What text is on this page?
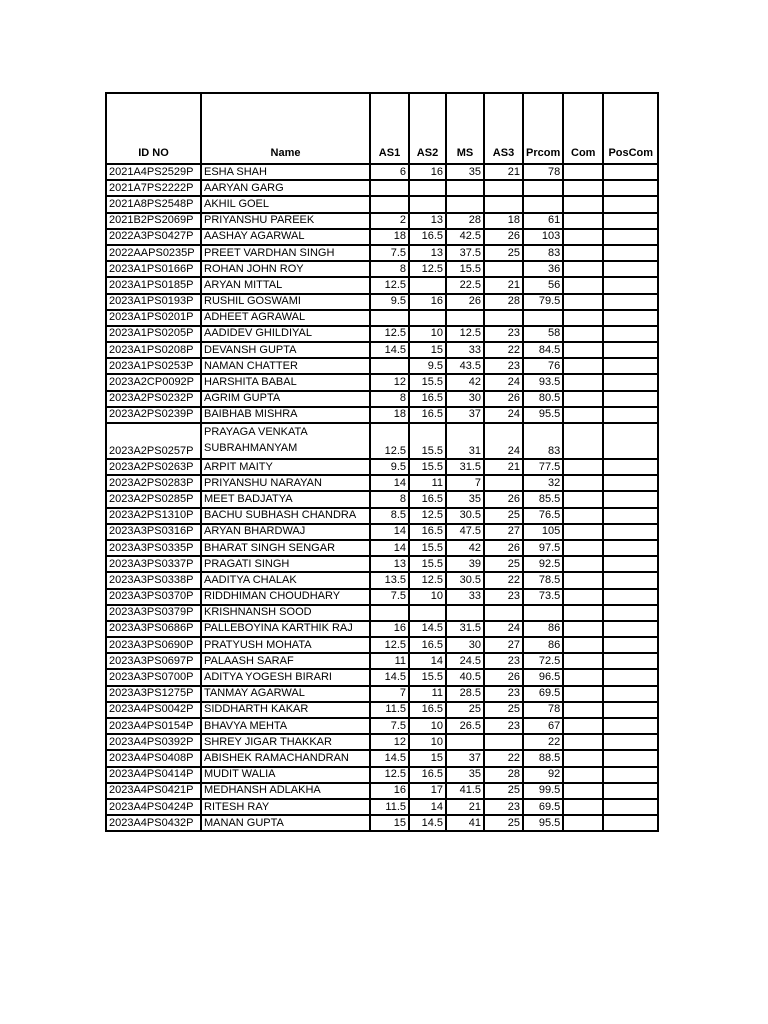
ID NO	Name	AS1	AS2	MS	AS3	Prcom	Com	PosCom
2021A4PS2529P	ESHA SHAH	6	16	35	21	78		
2021A7PS2222P	AARYAN GARG							
2021A8PS2548P	AKHIL GOEL							
2021B2PS2069P	PRIYANSHU PAREEK	2	13	28	18	61		
2022A3PS0427P	AASHAY AGARWAL	18	16.5	42.5	26	103		
2022AAPS0235P	PREET VARDHAN SINGH	7.5	13	37.5	25	83		
2023A1PS0166P	ROHAN JOHN ROY	8	12.5	15.5		36		
2023A1PS0185P	ARYAN MITTAL	12.5		22.5	21	56		
2023A1PS0193P	RUSHIL GOSWAMI	9.5	16	26	28	79.5		
2023A1PS0201P	ADHEET AGRAWAL							
2023A1PS0205P	AADIDEV GHILDIYAL	12.5	10	12.5	23	58		
2023A1PS0208P	DEVANSH GUPTA	14.5	15	33	22	84.5		
2023A1PS0253P	NAMAN CHATTER		9.5	43.5	23	76		
2023A2CP0092P	HARSHITA BABAL	12	15.5	42	24	93.5		
2023A2PS0232P	AGRIM GUPTA	8	16.5	30	26	80.5		
2023A2PS0239P	BAIBHAB MISHRA	18	16.5	37	24	95.5		
2023A2PS0257P	PRAYAGA VENKATA SUBRAHMANYAM	12.5	15.5	31	24	83		
2023A2PS0263P	ARPIT MAITY	9.5	15.5	31.5	21	77.5		
2023A2PS0283P	PRIYANSHU NARAYAN	14	11	7		32		
2023A2PS0285P	MEET BADJATYA	8	16.5	35	26	85.5		
2023A2PS1310P	BACHU SUBHASH CHANDRA	8.5	12.5	30.5	25	76.5		
2023A3PS0316P	ARYAN BHARDWAJ	14	16.5	47.5	27	105		
2023A3PS0335P	BHARAT SINGH SENGAR	14	15.5	42	26	97.5		
2023A3PS0337P	PRAGATI SINGH	13	15.5	39	25	92.5		
2023A3PS0338P	AADITYA CHALAK	13.5	12.5	30.5	22	78.5		
2023A3PS0370P	RIDDHIMAN CHOUDHARY	7.5	10	33	23	73.5		
2023A3PS0379P	KRISHNANSH SOOD							
2023A3PS0686P	PALLEBOYINA KARTHIK RAJ	16	14.5	31.5	24	86		
2023A3PS0690P	PRATYUSH MOHATA	12.5	16.5	30	27	86		
2023A3PS0697P	PALAASH SARAF	11	14	24.5	23	72.5		
2023A3PS0700P	ADITYA YOGESH BIRARI	14.5	15.5	40.5	26	96.5		
2023A3PS1275P	TANMAY AGARWAL	7	11	28.5	23	69.5		
2023A4PS0042P	SIDDHARTH KAKAR	11.5	16.5	25	25	78		
2023A4PS0154P	BHAVYA MEHTA	7.5	10	26.5	23	67		
2023A4PS0392P	SHREY JIGAR THAKKAR	12	10			22		
2023A4PS0408P	ABISHEK RAMACHANDRAN	14.5	15	37	22	88.5		
2023A4PS0414P	MUDIT WALIA	12.5	16.5	35	28	92		
2023A4PS0421P	MEDHANSH ADLAKHA	16	17	41.5	25	99.5		
2023A4PS0424P	RITESH RAY	11.5	14	21	23	69.5		
2023A4PS0432P	MANAN GUPTA	15	14.5	41	25	95.5		
